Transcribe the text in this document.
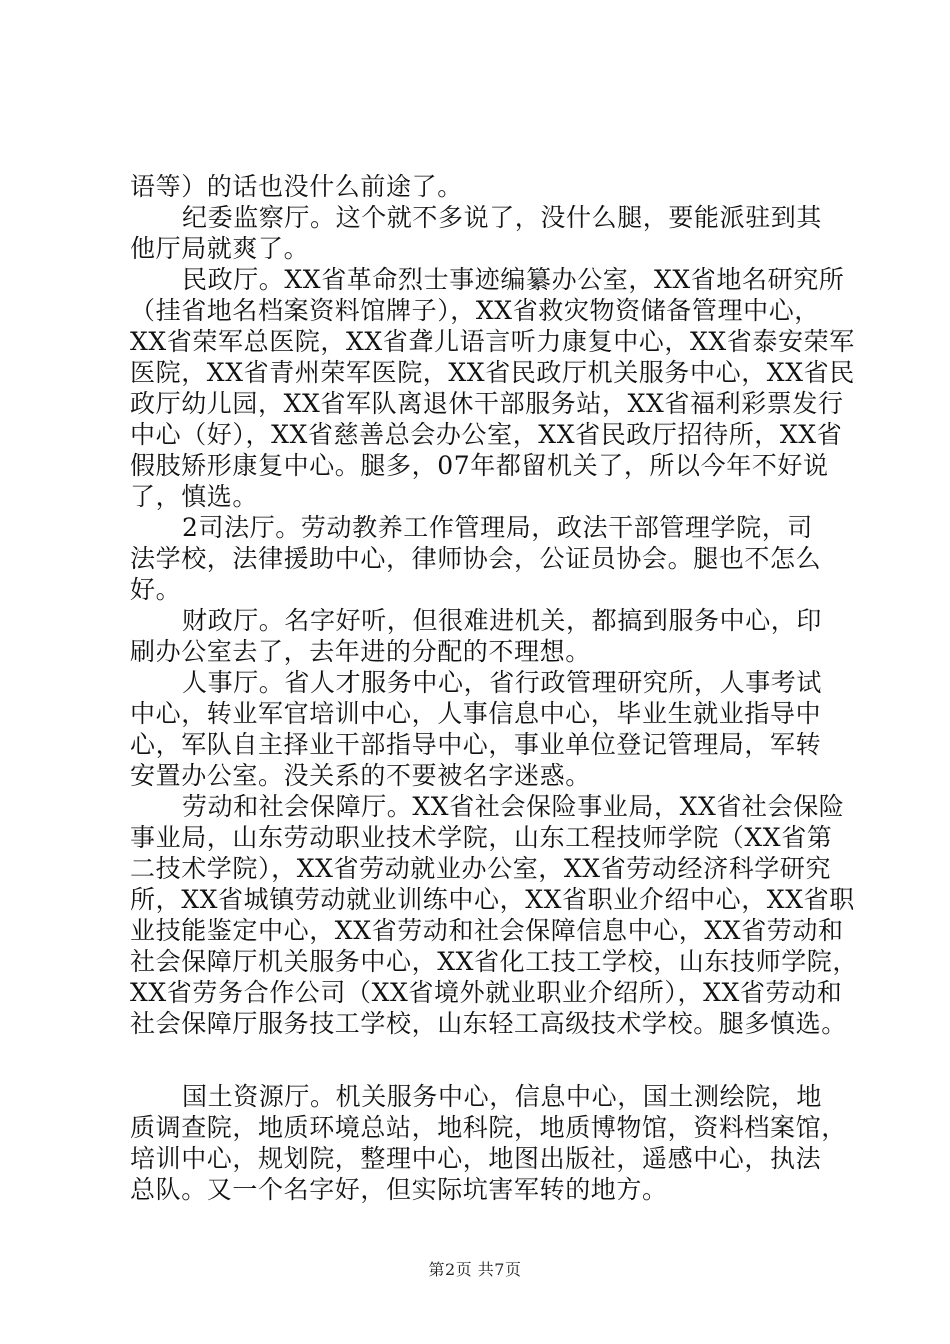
语等）的话也没什么前途了。
纪委监察厅。这个就不多说了，没什么腿，要能派驻到其
他厅局就爽了。
民政厅。XX省革命烈士事迹编纂办公室，XX省地名研究所
（挂省地名档案资料馆牌子），XX省救灾物资储备管理中心，
XX省荣军总医院，XX省聋儿语言听力康复中心，XX省泰安荣军
医院，XX省青州荣军医院，XX省民政厅机关服务中心，XX省民
政厅幼儿园，XX省军队离退休干部服务站，XX省福利彩票发行
中心（好），XX省慈善总会办公室，XX省民政厅招待所，XX省
假肢矫形康复中心。腿多，07年都留机关了，所以今年不好说
了，慎选。
2司法厅。劳动教养工作管理局，政法干部管理学院，司
法学校，法律援助中心，律师协会，公证员协会。腿也不怎么
好。
财政厅。名字好听，但很难进机关，都搞到服务中心，印
刷办公室去了，去年进的分配的不理想。
人事厅。省人才服务中心，省行政管理研究所，人事考试
中心，转业军官培训中心，人事信息中心，毕业生就业指导中
心，军队自主择业干部指导中心，事业单位登记管理局，军转
安置办公室。没关系的不要被名字迷惑。
劳动和社会保障厅。XX省社会保险事业局，XX省社会保险
事业局，山东劳动职业技术学院，山东工程技师学院（XX省第
二技术学院），XX省劳动就业办公室，XX省劳动经济科学研究
所，XX省城镇劳动就业训练中心，XX省职业介绍中心，XX省职
业技能鉴定中心，XX省劳动和社会保障信息中心，XX省劳动和
社会保障厅机关服务中心，XX省化工技工学校，山东技师学院，
XX省劳务合作公司（XX省境外就业职业介绍所），XX省劳动和
社会保障厅服务技工学校，山东轻工高级技术学校。腿多慎选。
国土资源厅。机关服务中心，信息中心，国土测绘院，地
质调查院，地质环境总站，地科院，地质博物馆，资料档案馆，
培训中心，规划院，整理中心，地图出版社，遥感中心，执法
总队。又一个名字好，但实际坑害军转的地方。
第2页 共7页
